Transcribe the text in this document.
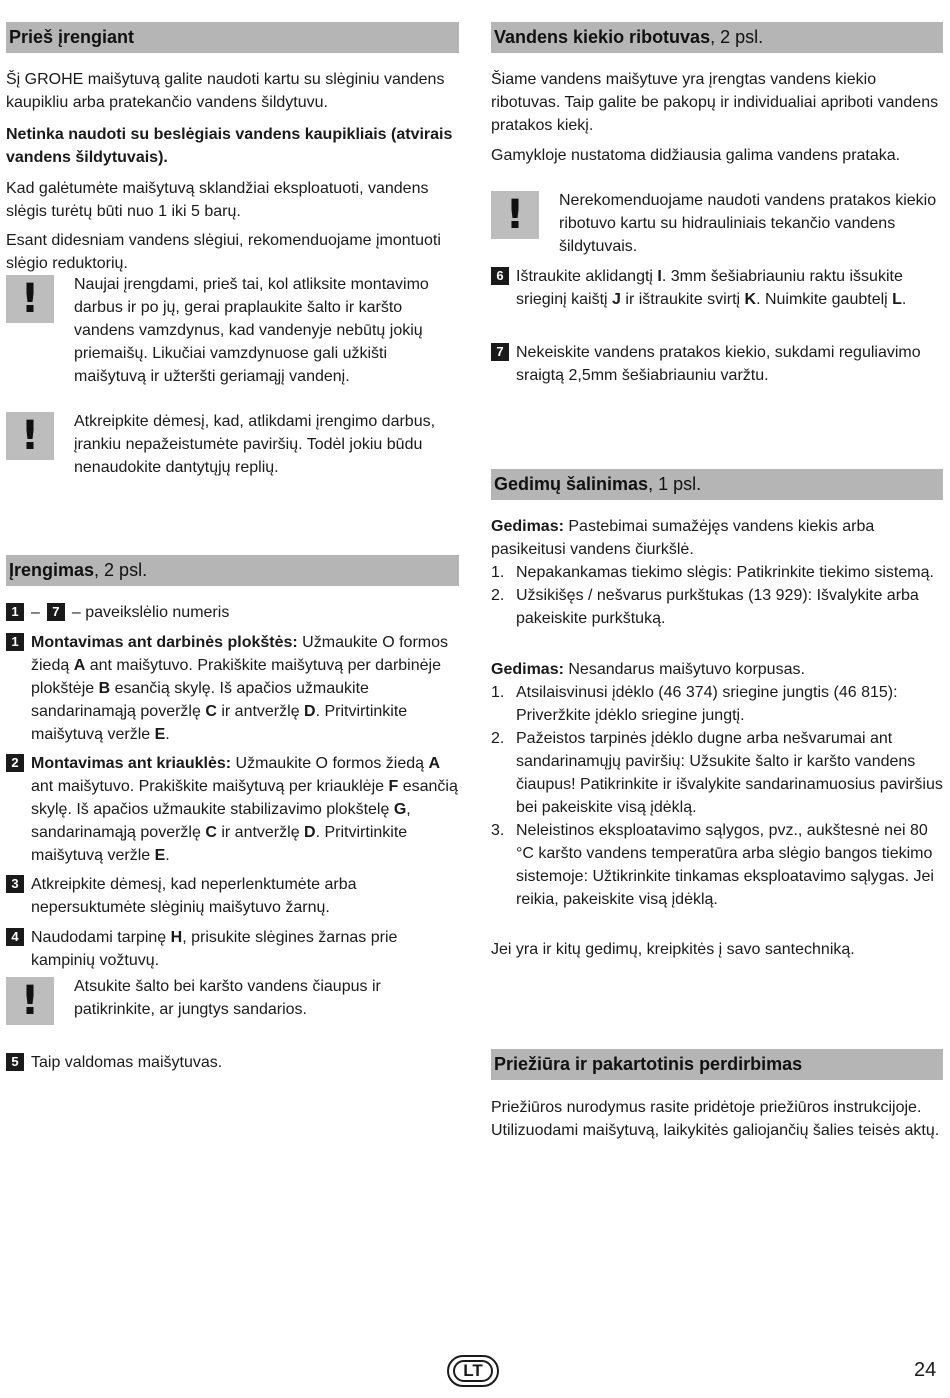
Prieš įrengiant

Šį GROHE maišytuvą galite naudoti kartu su slėginiu vandens kaupikliu arba pratekančio vandens šildytuvu.

Netinka naudoti su beslėgiais vandens kaupikliais (atvirais vandens šildytuvais).

Kad galėtumėte maišytuvą sklandžiai eksploatuoti, vandens slėgis turėtų būti nuo 1 iki 5 barų.

Esant didesniam vandens slėgiui, rekomenduojame įmontuoti slėgio reduktorių.

!	Naujai įrengdami, prieš tai, kol atliksite montavimo darbus ir po jų, gerai praplaukite šalto ir karšto vandens vamzdynus, kad vandenyje nebūtų jokių priemaišų. Likučiai vamzdynuose gali užkišti maišytuvą ir užteršti geriamąjį vandenį.
!	Atkreipkite dėmesį, kad, atlikdami įrengimo darbus, įrankiu nepažeistumėte paviršių. Todėl jokiu būdu nenaudokite dantytųjų replių.
Įrengimas, 2 psl.
1 – 7 – paveikslėlio numeris
1 Montavimas ant darbinės plokštės: Užmaukite O formos žiedą A ant maišytuvo. Prakiškite maišytuvą per darbinėje plokštėje B esančią skylę. Iš apačios užmaukite sandarinamąją poveržlę C ir antveržlę D. Pritvirtinkite maišytuvą veržle E.
2 Montavimas ant kriauklės: Užmaukite O formos žiedą A ant maišytuvo. Prakiškite maišytuvą per kriauklėje F esančią skylę. Iš apačios užmaukite stabilizavimo plokštelę G, sandarinamąją poveržlę C ir antveržlę D. Pritvirtinkite maišytuvą veržle E.
3 Atkreipkite dėmesį, kad neperlenktumėte arba nepersuktumėte slėginių maišytuvo žarnų.
4 Naudodami tarpinę H, prisukite slėgines žarnas prie kampinių vožtuvų.
!	Atsukite šalto bei karšto vandens čiaupus ir patikrinkite, ar jungtys sandarios.
5 Taip valdomas maišytuvas.
Vandens kiekio ribotuvas, 2 psl.

Šiame vandens maišytuve yra įrengtas vandens kiekio ribotuvas. Taip galite be pakopų ir individualiai apriboti vandens pratakos kiekį.

Gamykloje nustatoma didžiausia galima vandens prataka.

!	Nerekomenduojame naudoti vandens pratakos kiekio ribotuvo kartu su hidrauliniais tekančio vandens šildytuvais.
6 Ištraukite aklidangtį I. 3mm šešiabriauniu raktu išsukite srieginį kaištį J ir ištraukite svirtį K. Nuimkite gaubtelį L.
7 Nekeiskite vandens pratakos kiekio, sukdami reguliavimo sraigtą 2,5mm šešiabriauniu varžtu.
Gedimų šalinimas, 1 psl.

Gedimas: Pastebimai sumažėjęs vandens kiekis arba pasikeitusi vandens čiurkšlė.

1. Nepakankamas tiekimo slėgis: Patikrinkite tiekimo sistemą.
2. Užsikišęs / nešvarus purkštukas (13 929): Išvalykite arba pakeiskite purkštuką.

Gedimas: Nesandarus maišytuvo korpusas.

1. Atsilaisvinusi įdėklo (46 374) sriegine jungtis (46 815): Priveržkite įdėklo sriegine jungtį.
2. Pažeistos tarpinės įdėklo dugne arba nešvarumai ant sandarinamųjų paviršių: Užsukite šalto ir karšto vandens čiaupus! Patikrinkite ir išvalykite sandarinamuosius paviršius bei pakeiskite visą įdėklą.
3. Neleistinos eksploatavimo sąlygos, pvz., aukštesnė nei 80 °C karšto vandens temperatūra arba slėgio bangos tiekimo sistemoje: Užtikrinkite tinkamas eksploatavimo sąlygas. Jei reikia, pakeiskite visą įdėklą.

Jei yra ir kitų gedimų, kreipkitės į savo santechniką.

Priežiūra ir pakartotinis perdirbimas

Priežiūros nurodymus rasite pridėtoje priežiūros instrukcijoje. Utilizuodami maišytuvą, laikykitės galiojančių šalies teisės aktų.

LT	24
